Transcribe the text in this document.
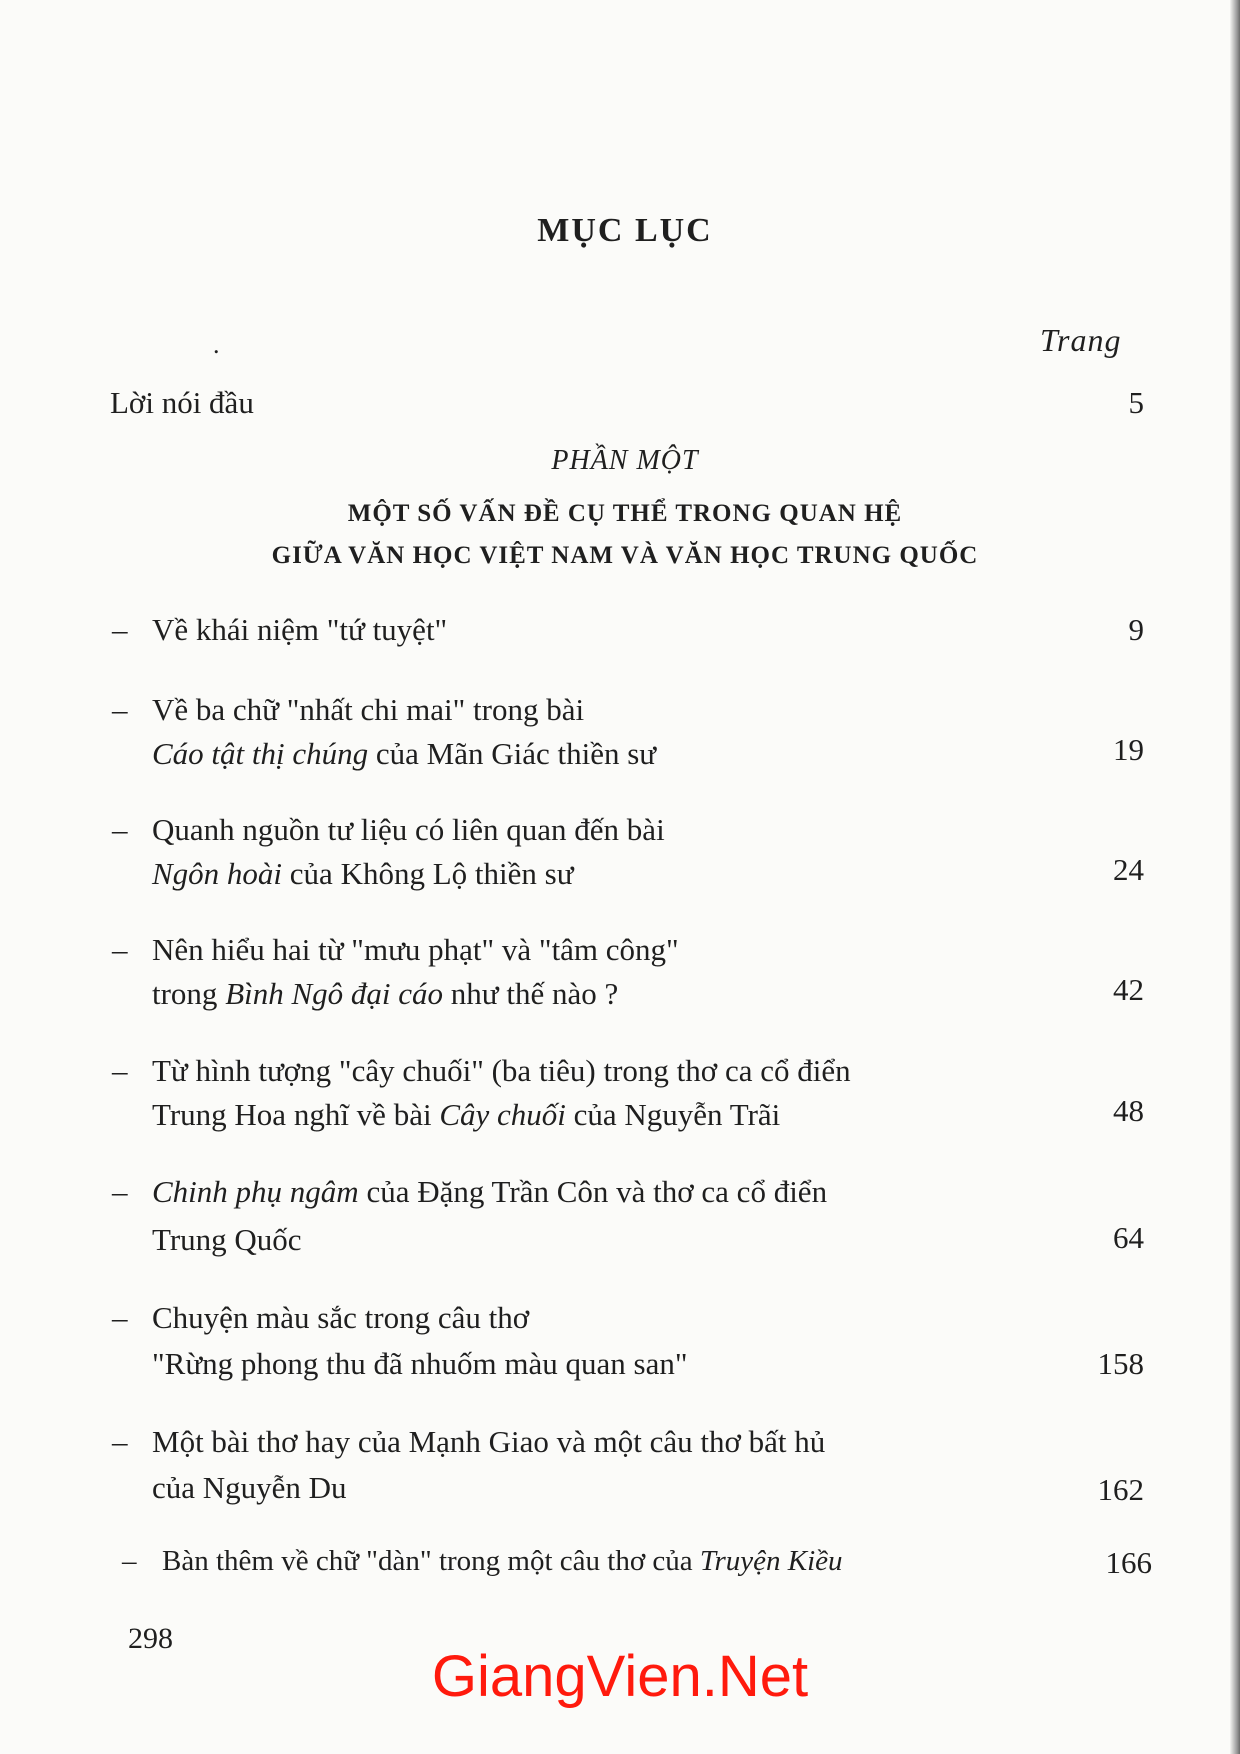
MỤC LỤC
.	Trang
Lời nói đầu	5
PHẦN MỘT
MỘT SỐ VẤN ĐỀ CỤ THỂ TRONG QUAN HỆ
GIỮA VĂN HỌC VIỆT NAM VÀ VĂN HỌC TRUNG QUỐC
– Về khái niệm "tứ tuyệt"	9
– Về ba chữ "nhất chi mai" trong bài
Cáo tật thị chúng của Mãn Giác thiền sư	19
– Quanh nguồn tư liệu có liên quan đến bài
Ngôn hoài của Không Lộ thiền sư	24
– Nên hiểu hai từ "mưu phạt" và "tâm công"
trong Bình Ngô đại cáo như thế nào ?	42
– Từ hình tượng "cây chuối" (ba tiêu) trong thơ ca cổ điển
Trung Hoa nghĩ về bài Cây chuối của Nguyễn Trãi	48
– Chinh phụ ngâm của Đặng Trần Côn và thơ ca cổ điển
Trung Quốc	64
– Chuyện màu sắc trong câu thơ
"Rừng phong thu đã nhuốm màu quan san"	158
– Một bài thơ hay của Mạnh Giao và một câu thơ bất hủ
của Nguyễn Du	162
– Bàn thêm về chữ "dàn" trong một câu thơ của Truyện Kiều	166
298
GiangVien.Net
